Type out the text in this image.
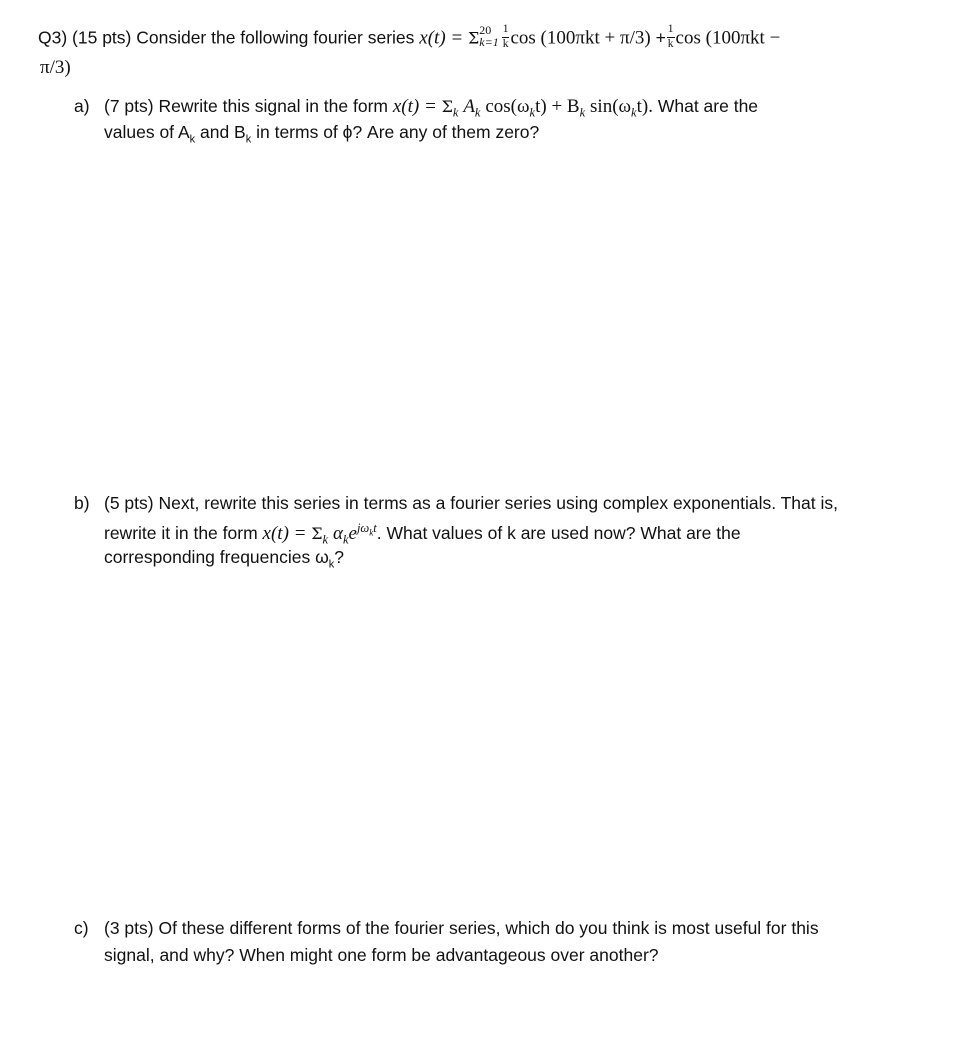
Q3) (15 pts) Consider the following fourier series x(t) = Σ 20
$k=1 \frac{1}{k}$ $\cos (100\pi kt + \pi/3) + \frac{1}{k}$ cos (100πkt −
π/3)
a) (7 pts) Rewrite this signal in the form $x(t) = \Sigma_k$ $A_k$ $\cos(\omega_kt) + B_k$ $\sin(\omega_kt)$. What are the
values of $A_k$ and $B_k$ in terms of ϕ? Are any of them zero?
b) (5 pts) Next, rewrite this series in terms as a fourier series using complex exponentials. That is,
rewrite it in the form $x(t) = \Sigma_k$ $\alpha_ke^{j\omega_kt}$. What values of k are used now? What are the
corresponding frequencies $\omega_k$?
c) (3 pts) Of these different forms of the fourier series, which do you think is most useful for this
signal, and why? When might one form be advantageous over another?
